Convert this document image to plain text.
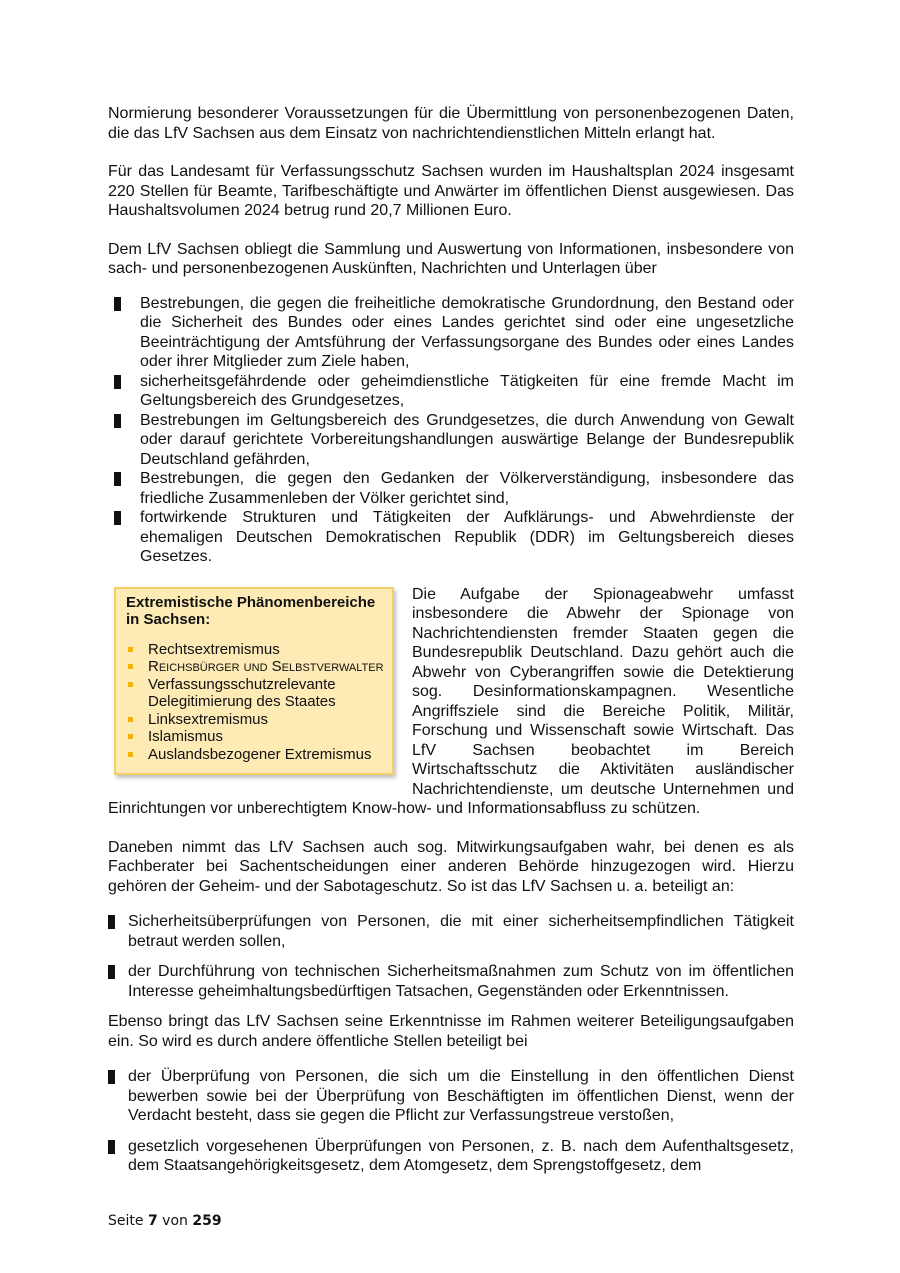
Normierung besonderer Voraussetzungen für die Übermittlung von personenbezogenen Daten, die das LfV Sachsen aus dem Einsatz von nachrichtendienstlichen Mitteln erlangt hat.

Für das Landesamt für Verfassungsschutz Sachsen wurden im Haushaltsplan 2024 insgesamt 220 Stellen für Beamte, Tarifbeschäftigte und Anwärter im öffentlichen Dienst ausgewiesen. Das Haushaltsvolumen 2024 betrug rund 20,7 Millionen Euro.

Dem LfV Sachsen obliegt die Sammlung und Auswertung von Informationen, insbesondere von sach- und personenbezogenen Auskünften, Nachrichten und Unterlagen über

Bestrebungen, die gegen die freiheitliche demokratische Grundordnung, den Bestand oder die Sicherheit des Bundes oder eines Landes gerichtet sind oder eine ungesetzliche Beeinträchtigung der Amtsführung der Verfassungsorgane des Bundes oder eines Landes oder ihrer Mitglieder zum Ziele haben,
sicherheitsgefährdende oder geheimdienstliche Tätigkeiten für eine fremde Macht im Geltungsbereich des Grundgesetzes,
Bestrebungen im Geltungsbereich des Grundgesetzes, die durch Anwendung von Gewalt oder darauf gerichtete Vorbereitungshandlungen auswärtige Belange der Bundesrepublik Deutschland gefährden,
Bestrebungen, die gegen den Gedanken der Völkerverständigung, insbesondere das friedliche Zusammenleben der Völker gerichtet sind,
fortwirkende Strukturen und Tätigkeiten der Aufklärungs- und Abwehrdienste der ehemaligen Deutschen Demokratischen Republik (DDR) im Geltungsbereich dieses Gesetzes.
Extremistische Phänomenbereiche in Sachsen:
Rechtsextremismus
Reichsbürger und Selbstverwalter
Verfassungsschutzrelevante Delegitimierung des Staates
Linksextremismus
Islamismus
Auslandsbezogener Extremismus

Die Aufgabe der Spionageabwehr umfasst insbesondere die Abwehr der Spionage von Nachrichtendiensten fremder Staaten gegen die Bundesrepublik Deutschland. Dazu gehört auch die Abwehr von Cyberangriffen sowie die Detektierung sog. Desinformationskampagnen. Wesentliche Angriffsziele sind die Bereiche Politik, Militär, Forschung und Wissenschaft sowie Wirtschaft. Das LfV Sachsen beobachtet im Bereich Wirtschaftsschutz die Aktivitäten ausländischer Nachrichtendienste, um deutsche Unternehmen und Einrichtungen vor unberechtigtem Know-how- und Informationsabfluss zu schützen.

Daneben nimmt das LfV Sachsen auch sog. Mitwirkungsaufgaben wahr, bei denen es als Fachberater bei Sachentscheidungen einer anderen Behörde hinzugezogen wird. Hierzu gehören der Geheim- und der Sabotageschutz. So ist das LfV Sachsen u. a. beteiligt an:

Sicherheitsüberprüfungen von Personen, die mit einer sicherheitsempfindlichen Tätigkeit betraut werden sollen,
der Durchführung von technischen Sicherheitsmaßnahmen zum Schutz von im öffentlichen Interesse geheimhaltungsbedürftigen Tatsachen, Gegenständen oder Erkenntnissen.

Ebenso bringt das LfV Sachsen seine Erkenntnisse im Rahmen weiterer Beteiligungsaufgaben ein. So wird es durch andere öffentliche Stellen beteiligt bei

der Überprüfung von Personen, die sich um die Einstellung in den öffentlichen Dienst bewerben sowie bei der Überprüfung von Beschäftigten im öffentlichen Dienst, wenn der Verdacht besteht, dass sie gegen die Pflicht zur Verfassungstreue verstoßen,
gesetzlich vorgesehenen Überprüfungen von Personen, z. B. nach dem Aufenthaltsgesetz, dem Staatsangehörigkeitsgesetz, dem Atomgesetz, dem Sprengstoffgesetz, dem
Seite 7 von 259
